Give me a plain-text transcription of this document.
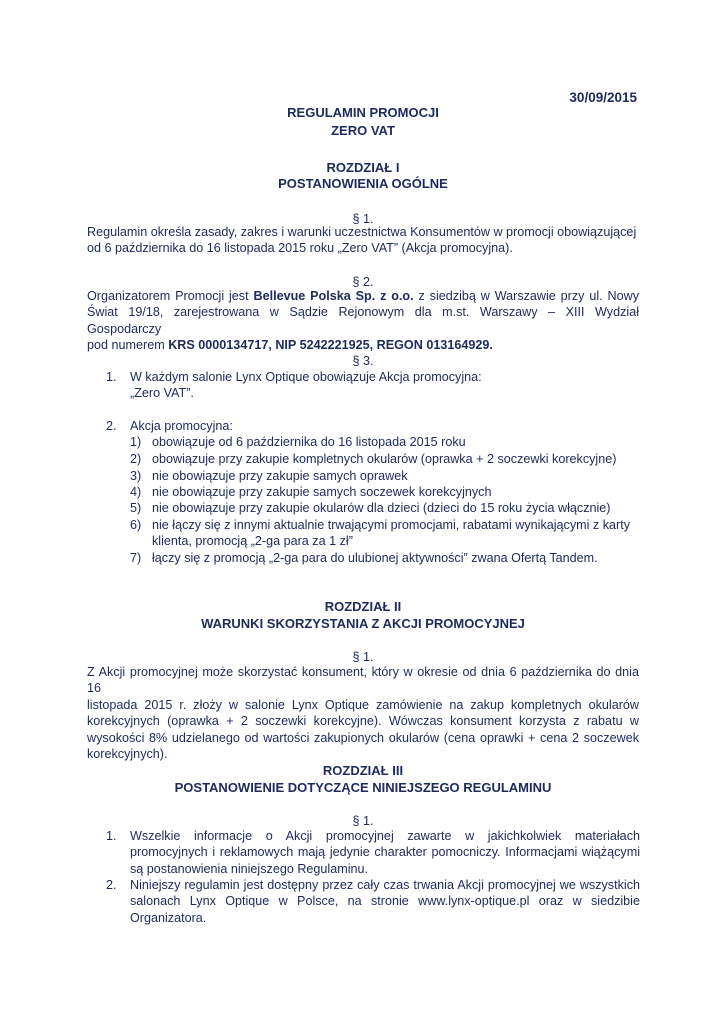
30/09/2015
REGULAMIN PROMOCJI
ZERO VAT
ROZDZIAŁ I
POSTANOWIENIA OGÓLNE
§ 1.
Regulamin określa zasady, zakres i warunki uczestnictwa Konsumentów w promocji obowiązującej
od 6 października do 16 listopada 2015 roku „Zero VAT” (Akcja promocyjna).
§ 2.
Organizatorem Promocji jest Bellevue Polska Sp. z o.o. z siedzibą w Warszawie przy ul. Nowy
Świat 19/18, zarejestrowana w Sądzie Rejonowym dla m.st. Warszawy – XIII Wydział Gospodarczy
pod numerem KRS 0000134717, NIP 5242221925, REGON 013164929.
§ 3.
1. W każdym salonie Lynx Optique obowiązuje Akcja promocyjna:
„Zero VAT”.
2. Akcja promocyjna:
1) obowiązuje od 6 października do 16 listopada 2015 roku
2) obowiązuje przy zakupie kompletnych okularów (oprawka + 2 soczewki korekcyjne)
3) nie obowiązuje przy zakupie samych oprawek
4) nie obowiązuje przy zakupie samych soczewek korekcyjnych
5) nie obowiązuje przy zakupie okularów dla dzieci (dzieci do 15 roku życia włącznie)
6) nie łączy się z innymi aktualnie trwającymi promocjami, rabatami wynikającymi z karty
klienta, promocją „2-ga para za 1 zł”
7) łączy się z promocją „2-ga para do ulubionej aktywności” zwana Ofertą Tandem.
ROZDZIAŁ II
WARUNKI SKORZYSTANIA Z AKCJI PROMOCYJNEJ
§ 1.
Z Akcji promocyjnej może skorzystać konsument, który w okresie od dnia 6 października do dnia 16
listopada 2015 r. złoży w salonie Lynx Optique zamówienie na zakup kompletnych okularów
korekcyjnych (oprawka + 2 soczewki korekcyjne). Wówczas konsument korzysta z rabatu w
wysokości 8% udzielanego od wartości zakupionych okularów (cena oprawki + cena 2 soczewek
korekcyjnych).
ROZDZIAŁ III
POSTANOWIENIE DOTYCZĄCE NINIEJSZEGO REGULAMINU
§ 1.
1. Wszelkie informacje o Akcji promocyjnej zawarte w jakichkolwiek materiałach
promocyjnych i reklamowych mają jedynie charakter pomocniczy. Informacjami wiążącymi
są postanowienia niniejszego Regulaminu.
2. Niniejszy regulamin jest dostępny przez cały czas trwania Akcji promocyjnej we wszystkich
salonach Lynx Optique w Polsce, na stronie www.lynx-optique.pl oraz w siedzibie
Organizatora.
